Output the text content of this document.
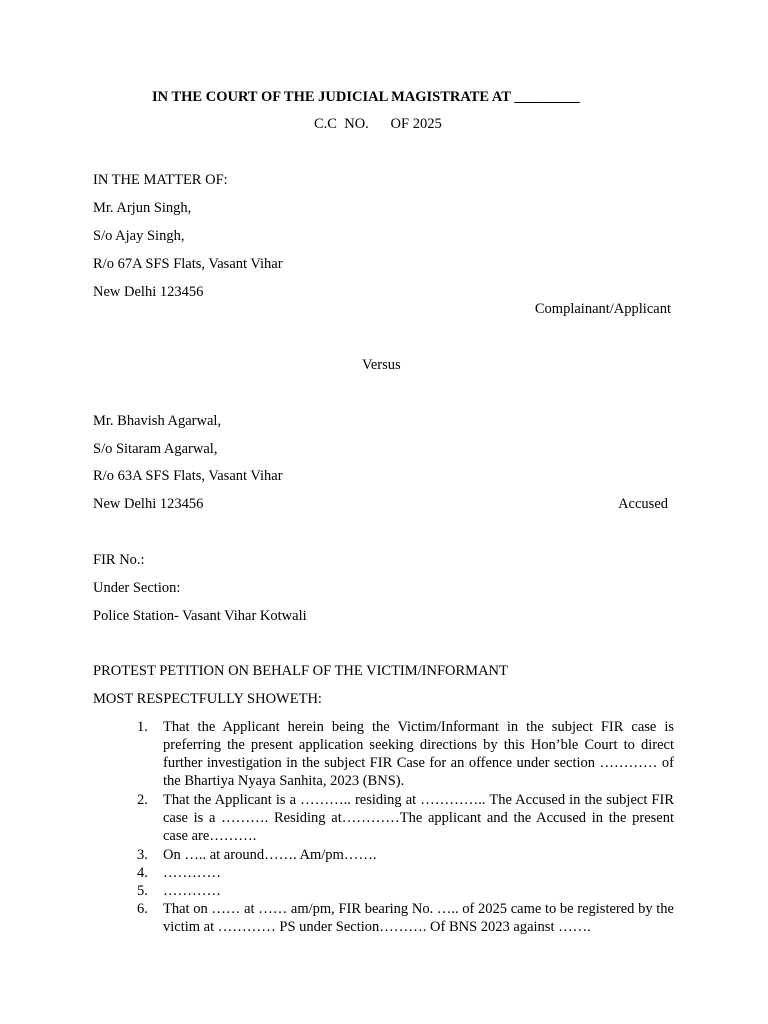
IN THE COURT OF THE JUDICIAL MAGISTRATE AT _________
C.C  NO.      OF 2025
IN THE MATTER OF:
Mr. Arjun Singh,
S/o Ajay Singh,
R/o 67A SFS Flats, Vasant Vihar
New Delhi 123456
Complainant/Applicant
Versus
Mr. Bhavish Agarwal,
S/o Sitaram Agarwal,
R/o 63A SFS Flats, Vasant Vihar
New Delhi 123456	Accused
FIR No.:
Under Section:
Police Station- Vasant Vihar Kotwali
PROTEST PETITION ON BEHALF OF THE VICTIM/INFORMANT
MOST RESPECTFULLY SHOWETH:
1. That the Applicant herein being the Victim/Informant in the subject FIR case is preferring the present application seeking directions by this Hon’ble Court to direct further investigation in the subject FIR Case for an offence under section ………… of the Bhartiya Nyaya Sanhita, 2023 (BNS).
2. That the Applicant is a ……….. residing at ………….. The Accused in the subject FIR case is a ………. Residing at…………The applicant and the Accused in the present case are……….
3. On ….. at around……. Am/pm…….
4. …………
5. …………
6. That on …… at …… am/pm, FIR bearing No. ….. of 2025 came to be registered by the victim at ………… PS under Section………. Of BNS 2023 against …….
